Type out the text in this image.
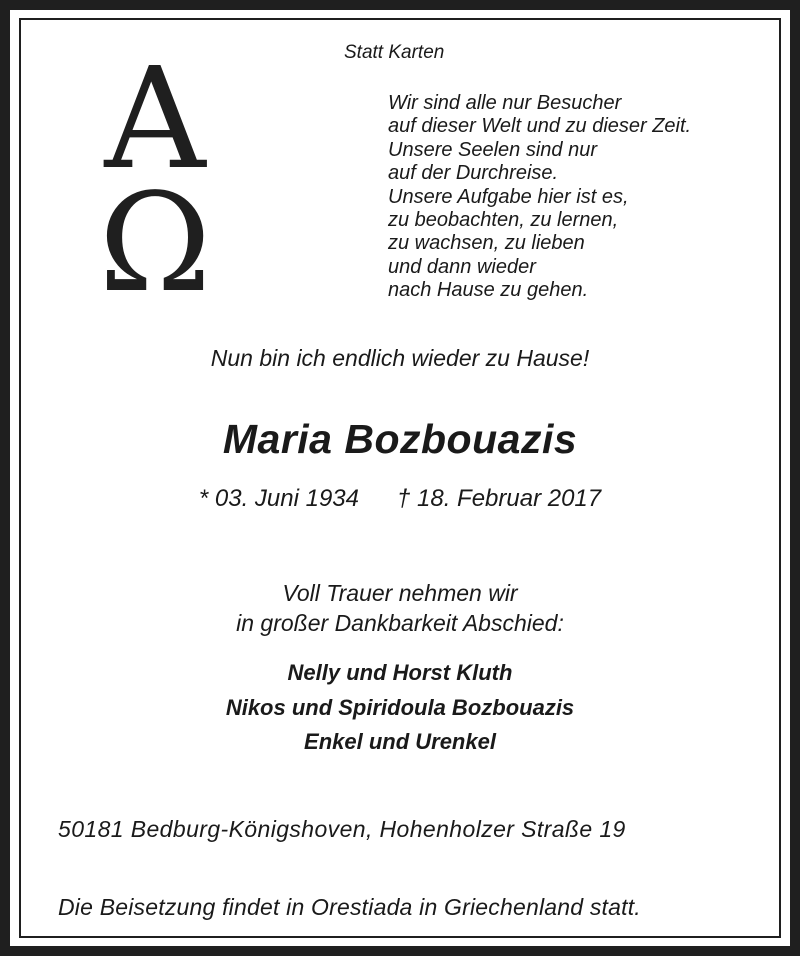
Α
Ω
Statt Karten
Wir sind alle nur Besucher
auf dieser Welt und zu dieser Zeit.
Unsere Seelen sind nur
auf der Durchreise.
Unsere Aufgabe hier ist es,
zu beobachten, zu lernen,
zu wachsen, zu lieben
und dann wieder
nach Hause zu gehen.
Nun bin ich endlich wieder zu Hause!
Maria Bozbouazis
* 03. Juni 1934 † 18. Februar 2017
Voll Trauer nehmen wir
in großer Dankbarkeit Abschied:
Nelly und Horst Kluth
Nikos und Spiridoula Bozbouazis
Enkel und Urenkel
50181 Bedburg-Königshoven, Hohenholzer Straße 19
Die Beisetzung findet in Orestiada in Griechenland statt.
